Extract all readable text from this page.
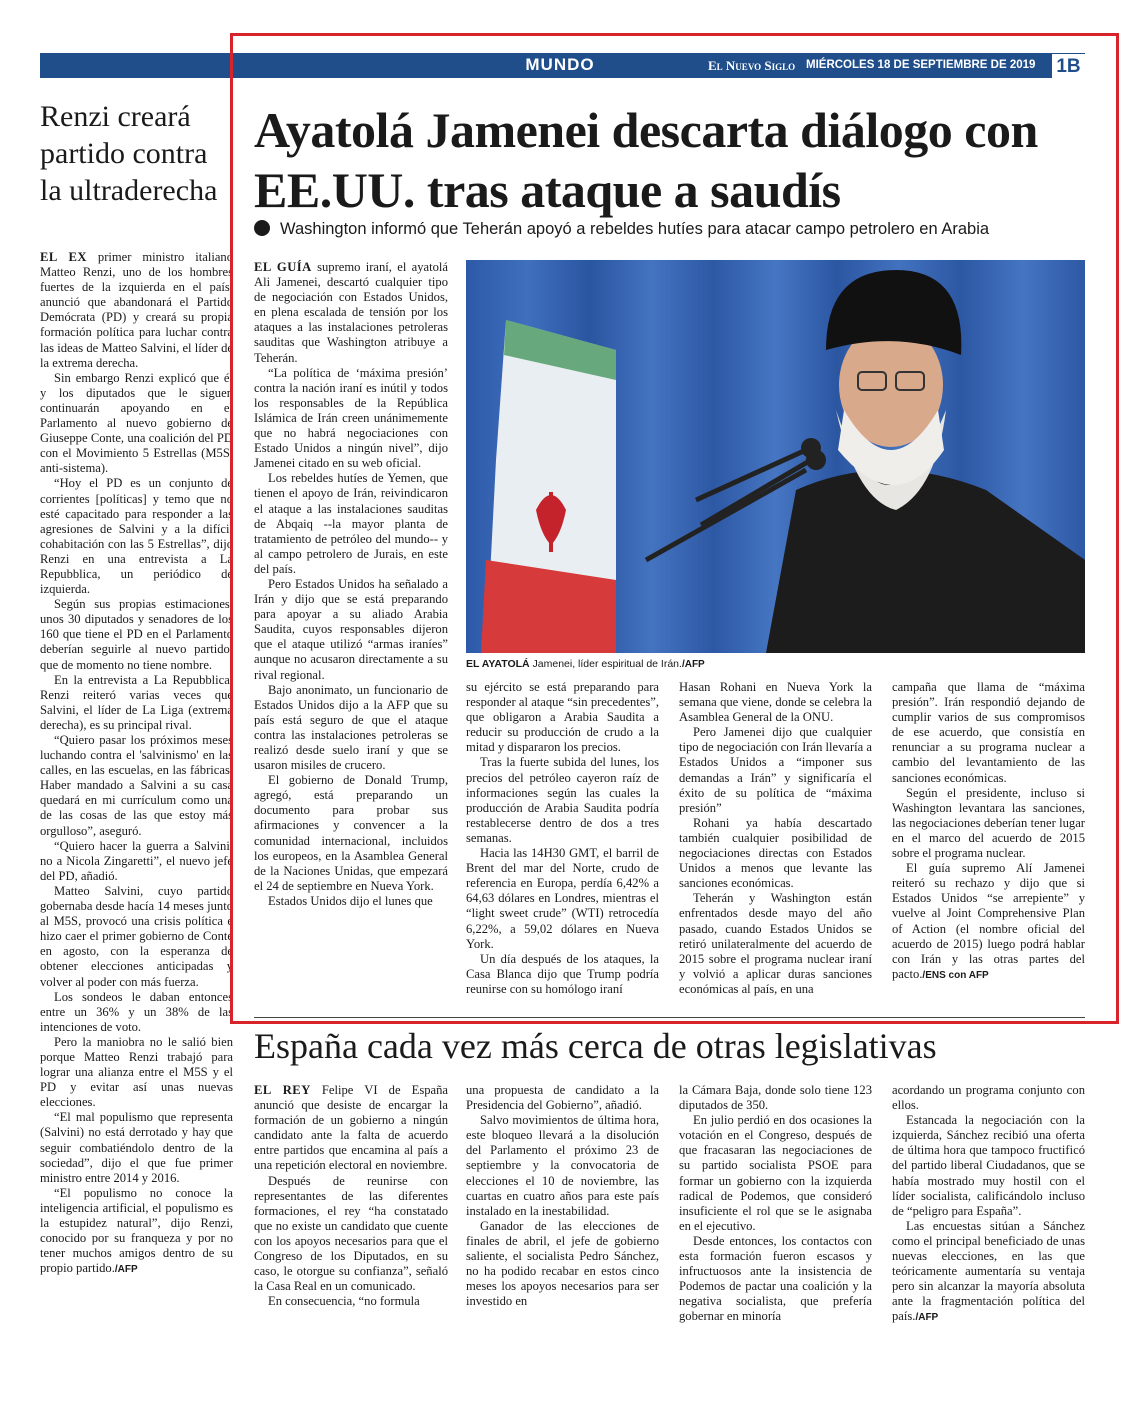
MUNDO	El Nuevo Siglo MIÉRCOLES 18 DE SEPTIEMBRE DE 2019 1B
Renzi creará partido contra la ultraderecha

EL EX primer ministro italiano Matteo Renzi, uno de los hombres fuertes de la izquierda en el país, anunció que abandonará el Partido Demócrata (PD) y creará su propia formación política para luchar contra las ideas de Matteo Salvini, el líder de la extrema derecha.

Sin embargo Renzi explicó que él y los diputados que le siguen continuarán apoyando en el Parlamento al nuevo gobierno de Giuseppe Conte, una coalición del PD con el Movimiento 5 Estrellas (M5S, anti-sistema).

“Hoy el PD es un conjunto de corrientes [políticas] y temo que no esté capacitado para responder a las agresiones de Salvini y a la difícil cohabitación con las 5 Estrellas”, dijo Renzi en una entrevista a La Repubblica, un periódico de izquierda.

Según sus propias estimaciones, unos 30 diputados y senadores de los 160 que tiene el PD en el Parlamento deberían seguirle al nuevo partido, que de momento no tiene nombre.

En la entrevista a La Repubblica, Renzi reiteró varias veces que Salvini, el líder de La Liga (extrema derecha), es su principal rival.

“Quiero pasar los próximos meses luchando contra el 'salvinismo' en las calles, en las escuelas, en las fábricas. Haber mandado a Salvini a su casa quedará en mi currículum como una de las cosas de las que estoy más orgulloso”, aseguró.

“Quiero hacer la guerra a Salvini, no a Nicola Zingaretti”, el nuevo jefe del PD, añadió.

Matteo Salvini, cuyo partido gobernaba desde hacía 14 meses junto al M5S, provocó una crisis política e hizo caer el primer gobierno de Conte en agosto, con la esperanza de obtener elecciones anticipadas y volver al poder con más fuerza.

Los sondeos le daban entonces entre un 36% y un 38% de las intenciones de voto.

Pero la maniobra no le salió bien porque Matteo Renzi trabajó para lograr una alianza entre el M5S y el PD y evitar así unas nuevas elecciones.

“El mal populismo que representa (Salvini) no está derrotado y hay que seguir combatiéndolo dentro de la sociedad”, dijo el que fue primer ministro entre 2014 y 2016.

“El populismo no conoce la inteligencia artificial, el populismo es la estupidez natural”, dijo Renzi, conocido por su franqueza y por no tener muchos amigos dentro de su propio partido./AFP

Ayatolá Jamenei descarta diálogo con EE.UU. tras ataque a saudís
Washington informó que Teherán apoyó a rebeldes hutíes para atacar campo petrolero en Arabia

EL GUÍA supremo iraní, el ayatolá Ali Jamenei, descartó cualquier tipo de negociación con Estados Unidos, en plena escalada de tensión por los ataques a las instalaciones petroleras sauditas que Washington atribuye a Teherán.

“La política de ‘máxima presión’ contra la nación iraní es inútil y todos los responsables de la República Islámica de Irán creen unánimemente que no habrá negociaciones con Estado Unidos a ningún nivel”, dijo Jamenei citado en su web oficial.

Los rebeldes hutíes de Yemen, que tienen el apoyo de Irán, reivindicaron el ataque a las instalaciones sauditas de Abqaiq --la mayor planta de tratamiento de petróleo del mundo-- y al campo petrolero de Jurais, en este del país.

Pero Estados Unidos ha señalado a Irán y dijo que se está preparando para apoyar a su aliado Arabia Saudita, cuyos responsables dijeron que el ataque utilizó “armas iraníes” aunque no acusaron directamente a su rival regional.

Bajo anonimato, un funcionario de Estados Unidos dijo a la AFP que su país está seguro de que el ataque contra las instalaciones petroleras se realizó desde suelo iraní y que se usaron misiles de crucero.

El gobierno de Donald Trump, agregó, está preparando un documento para probar sus afirmaciones y convencer a la comunidad internacional, incluidos los europeos, en la Asamblea General de la Naciones Unidas, que empezará el 24 de septiembre en Nueva York.

Estados Unidos dijo el lunes que

EL AYATOLÁ Jamenei, líder espiritual de Irán./AFP

su ejército se está preparando para responder al ataque “sin precedentes”, que obligaron a Arabia Saudita a reducir su producción de crudo a la mitad y dispararon los precios.

Tras la fuerte subida del lunes, los precios del petróleo cayeron raíz de informaciones según las cuales la producción de Arabia Saudita podría restablecerse dentro de dos a tres semanas.

Hacia las 14H30 GMT, el barril de Brent del mar del Norte, crudo de referencia en Europa, perdía 6,42% a 64,63 dólares en Londres, mientras el “light sweet crude” (WTI) retrocedía 6,22%, a 59,02 dólares en Nueva York.

Un día después de los ataques, la Casa Blanca dijo que Trump podría reunirse con su homólogo iraní

Hasan Rohani en Nueva York la semana que viene, donde se celebra la Asamblea General de la ONU.

Pero Jamenei dijo que cualquier tipo de negociación con Irán llevaría a Estados Unidos a “imponer sus demandas a Irán” y significaría el éxito de su política de “máxima presión”

Rohani ya había descartado también cualquier posibilidad de negociaciones directas con Estados Unidos a menos que levante las sanciones económicas.

Teherán y Washington están enfrentados desde mayo del año pasado, cuando Estados Unidos se retiró unilateralmente del acuerdo de 2015 sobre el programa nuclear iraní y volvió a aplicar duras sanciones económicas al país, en una

campaña que llama de “máxima presión”. Irán respondió dejando de cumplir varios de sus compromisos de ese acuerdo, que consistía en renunciar a su programa nuclear a cambio del levantamiento de las sanciones económicas.

Según el presidente, incluso si Washington levantara las sanciones, las negociaciones deberían tener lugar en el marco del acuerdo de 2015 sobre el programa nuclear.

El guía supremo Alí Jamenei reiteró su rechazo y dijo que si Estados Unidos “se arrepiente” y vuelve al Joint Comprehensive Plan of Action (el nombre oficial del acuerdo de 2015) luego podrá hablar con Irán y las otras partes del pacto./ENS con AFP

España cada vez más cerca de otras legislativas

EL REY Felipe VI de España anunció que desiste de encargar la formación de un gobierno a ningún candidato ante la falta de acuerdo entre partidos que encamina al país a una repetición electoral en noviembre.

Después de reunirse con representantes de las diferentes formaciones, el rey “ha constatado que no existe un candidato que cuente con los apoyos necesarios para que el Congreso de los Diputados, en su caso, le otorgue su confianza”, señaló la Casa Real en un comunicado.

En consecuencia, “no formula

una propuesta de candidato a la Presidencia del Gobierno”, añadió.

Salvo movimientos de última hora, este bloqueo llevará a la disolución del Parlamento el próximo 23 de septiembre y la convocatoria de elecciones el 10 de noviembre, las cuartas en cuatro años para este país instalado en la inestabilidad.

Ganador de las elecciones de finales de abril, el jefe de gobierno saliente, el socialista Pedro Sánchez, no ha podido recabar en estos cinco meses los apoyos necesarios para ser investido en

la Cámara Baja, donde solo tiene 123 diputados de 350.

En julio perdió en dos ocasiones la votación en el Congreso, después de que fracasaran las negociaciones de su partido socialista PSOE para formar un gobierno con la izquierda radical de Podemos, que consideró insuficiente el rol que se le asignaba en el ejecutivo.

Desde entonces, los contactos con esta formación fueron escasos y infructuosos ante la insistencia de Podemos de pactar una coalición y la negativa socialista, que prefería gobernar en minoría

acordando un programa conjunto con ellos.

Estancada la negociación con la izquierda, Sánchez recibió una oferta de última hora que tampoco fructificó del partido liberal Ciudadanos, que se había mostrado muy hostil con el líder socialista, calificándolo incluso de “peligro para España”.

Las encuestas sitúan a Sánchez como el principal beneficiado de unas nuevas elecciones, en las que teóricamente aumentaría su ventaja pero sin alcanzar la mayoría absoluta ante la fragmentación política del país./AFP
